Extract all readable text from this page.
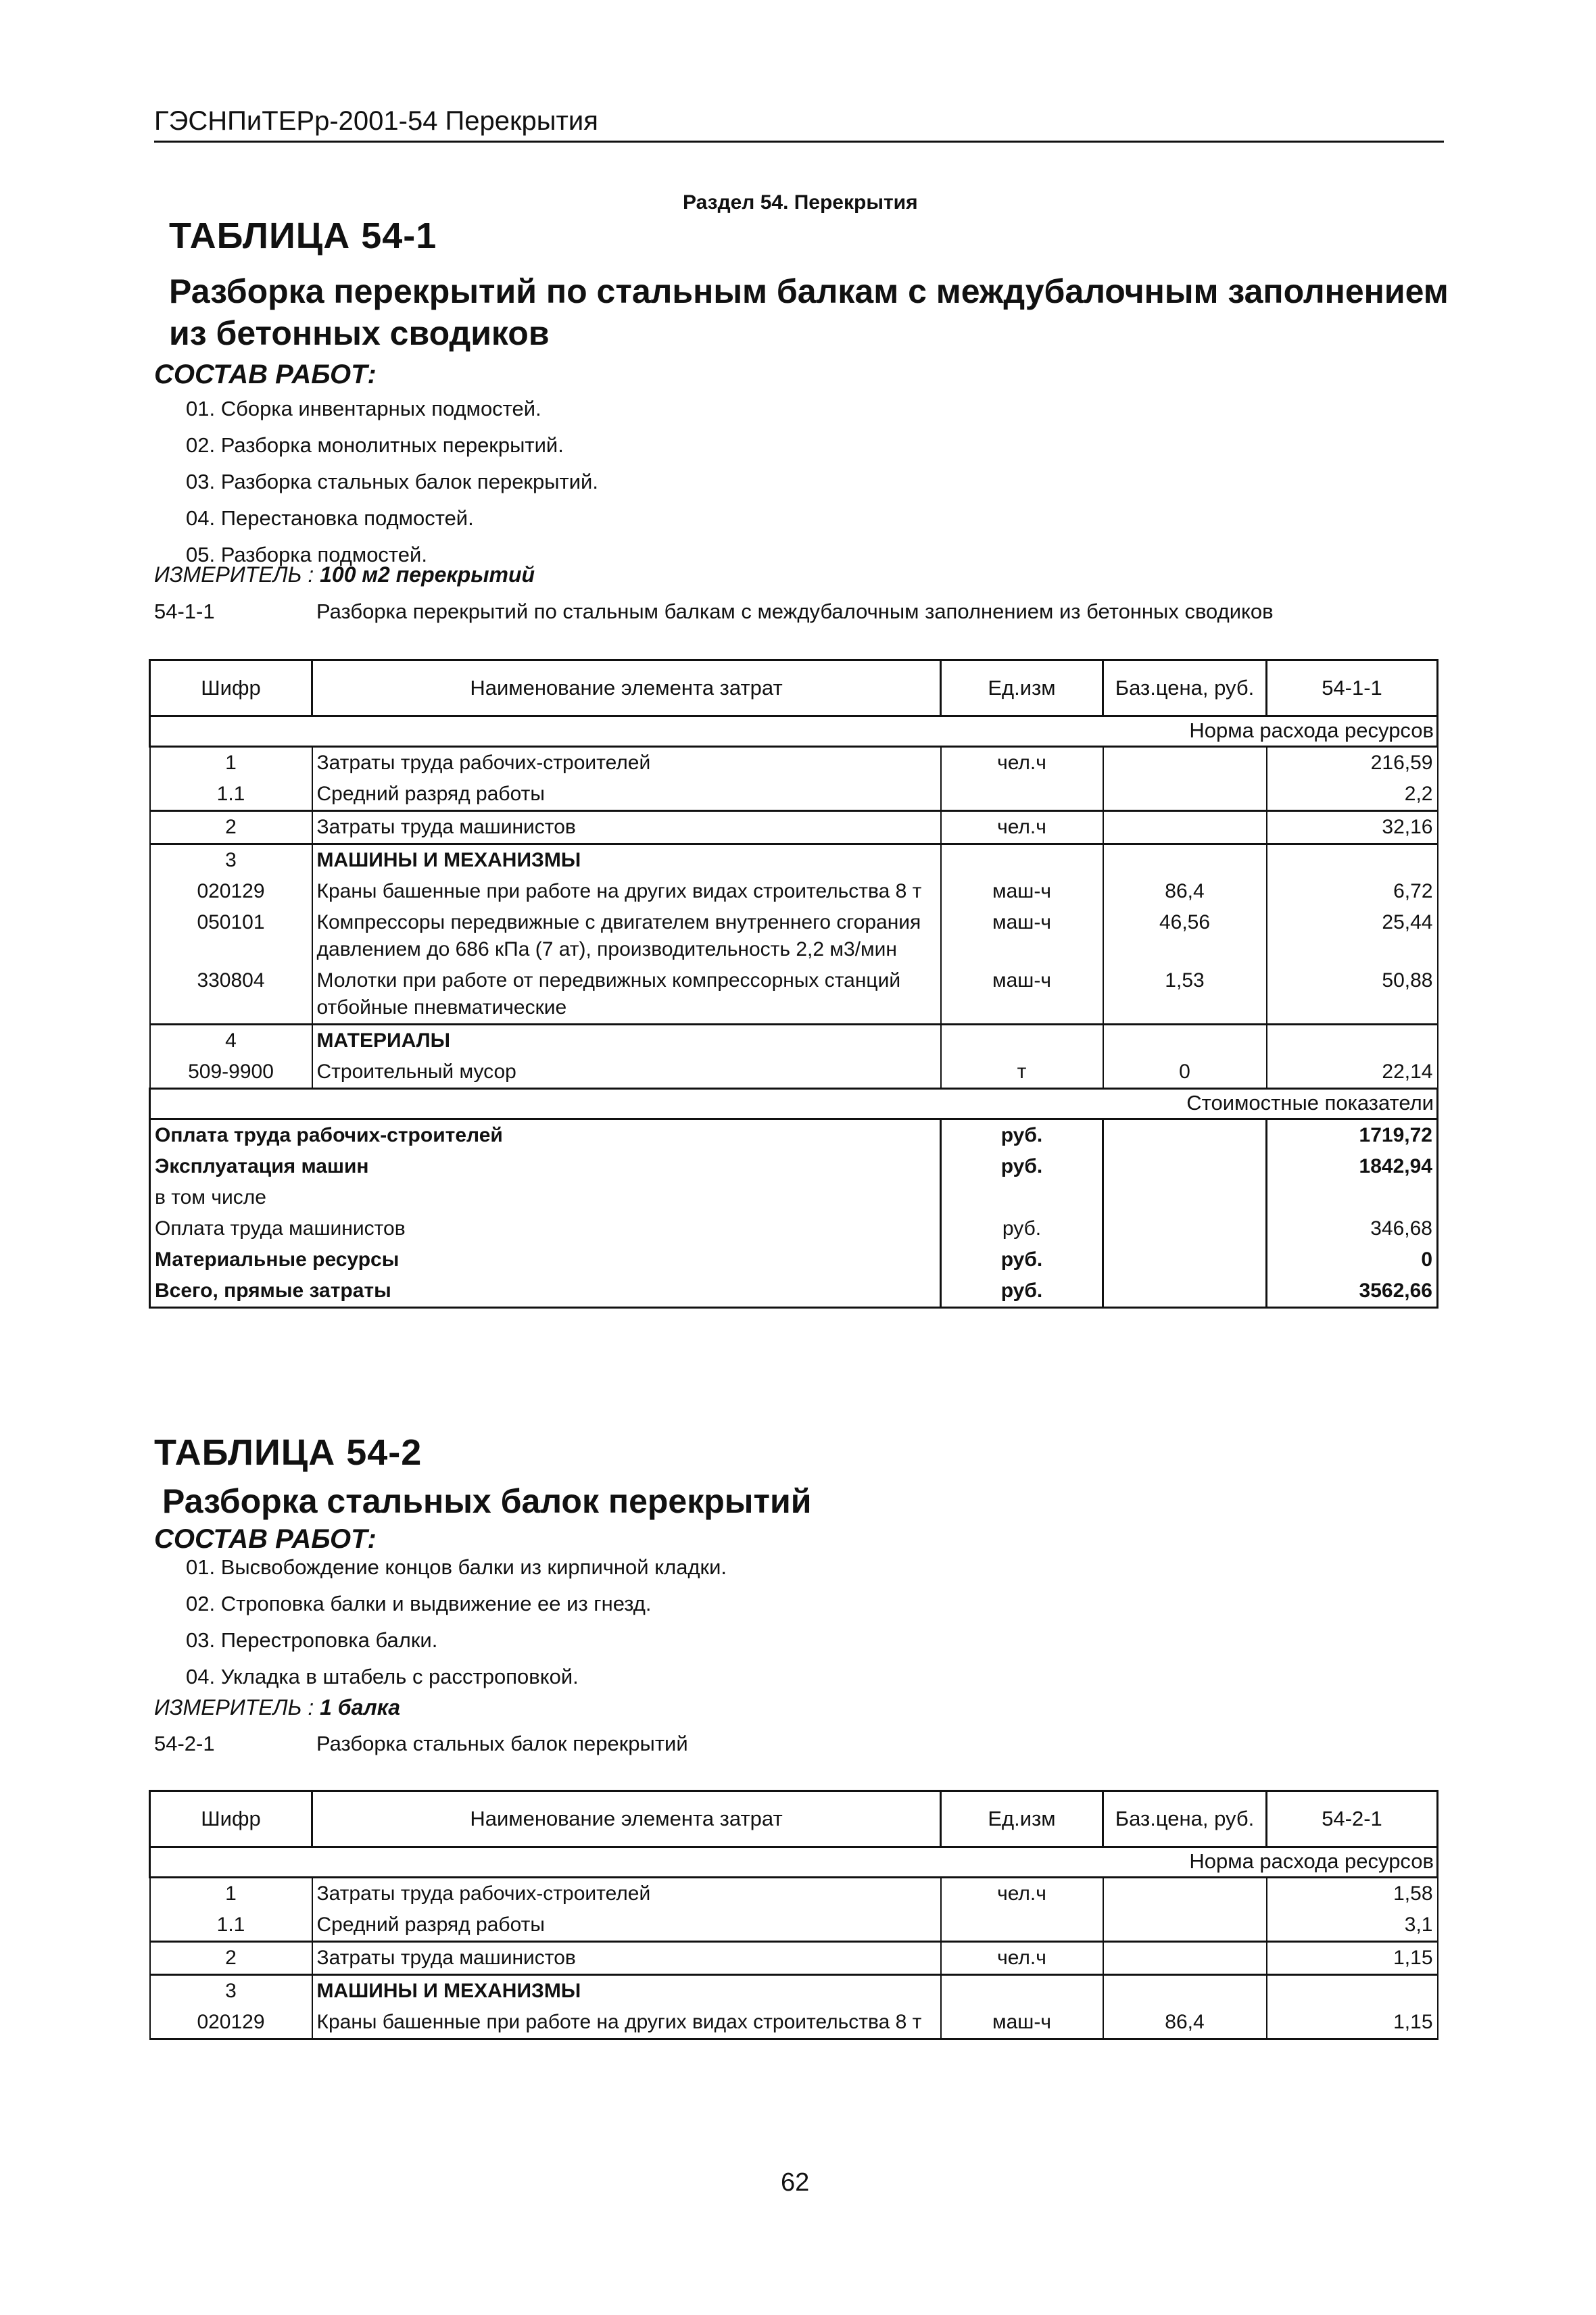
ГЭСНПиТЕРр-2001-54 Перекрытия
Раздел 54. Перекрытия
ТАБЛИЦА 54-1
Разборка перекрытий по стальным балкам с междубалочным заполнением из бетонных сводиков
СОСТАВ РАБОТ:
01. Сборка инвентарных подмостей.
02. Разборка монолитных перекрытий.
03. Разборка стальных балок перекрытий.
04. Перестановка подмостей.
05. Разборка подмостей.
ИЗМЕРИТЕЛЬ : 100 м2 перекрытий
54-1-1	Разборка перекрытий по стальным балкам с междубалочным заполнением из бетонных сводиков
Шифр	Наименование элемента затрат	Ед.изм	Баз.цена, руб.	54-1-1
Норма расхода ресурсов				
1	Затраты труда рабочих-строителей	чел.ч		216,59
1.1	Средний разряд работы			2,2
2	Затраты труда машинистов	чел.ч		32,16
3	МАШИНЫ И МЕХАНИЗМЫ			
020129	Краны башенные при работе на других видах строительства 8 т	маш-ч	86,4	6,72
050101	Компрессоры передвижные с двигателем внутреннего сгорания давлением до 686 кПа (7 ат), производительность 2,2 м3/мин	маш-ч	46,56	25,44
330804	Молотки при работе от передвижных компрессорных станций отбойные пневматические	маш-ч	1,53	50,88
4	МАТЕРИАЛЫ			
509-9900	Строительный мусор	т	0	22,14
Стоимостные показатели				
Оплата труда рабочих-строителей		руб.		1719,72
Эксплуатация машин		руб.		1842,94
в том числе				
Оплата труда машинистов		руб.		346,68
Материальные ресурсы		руб.		0
Всего, прямые затраты		руб.		3562,66
ТАБЛИЦА 54-2
Разборка стальных балок перекрытий
СОСТАВ РАБОТ:
01. Высвобождение концов балки из кирпичной кладки.
02. Строповка балки и выдвижение ее из гнезд.
03. Перестроповка балки.
04. Укладка в штабель с расстроповкой.
ИЗМЕРИТЕЛЬ : 1 балка
54-2-1	Разборка стальных балок перекрытий
Шифр	Наименование элемента затрат	Ед.изм	Баз.цена, руб.	54-2-1
Норма расхода ресурсов				
1	Затраты труда рабочих-строителей	чел.ч		1,58
1.1	Средний разряд работы			3,1
2	Затраты труда машинистов	чел.ч		1,15
3	МАШИНЫ И МЕХАНИЗМЫ			
020129	Краны башенные при работе на других видах строительства 8 т	маш-ч	86,4	1,15
62
